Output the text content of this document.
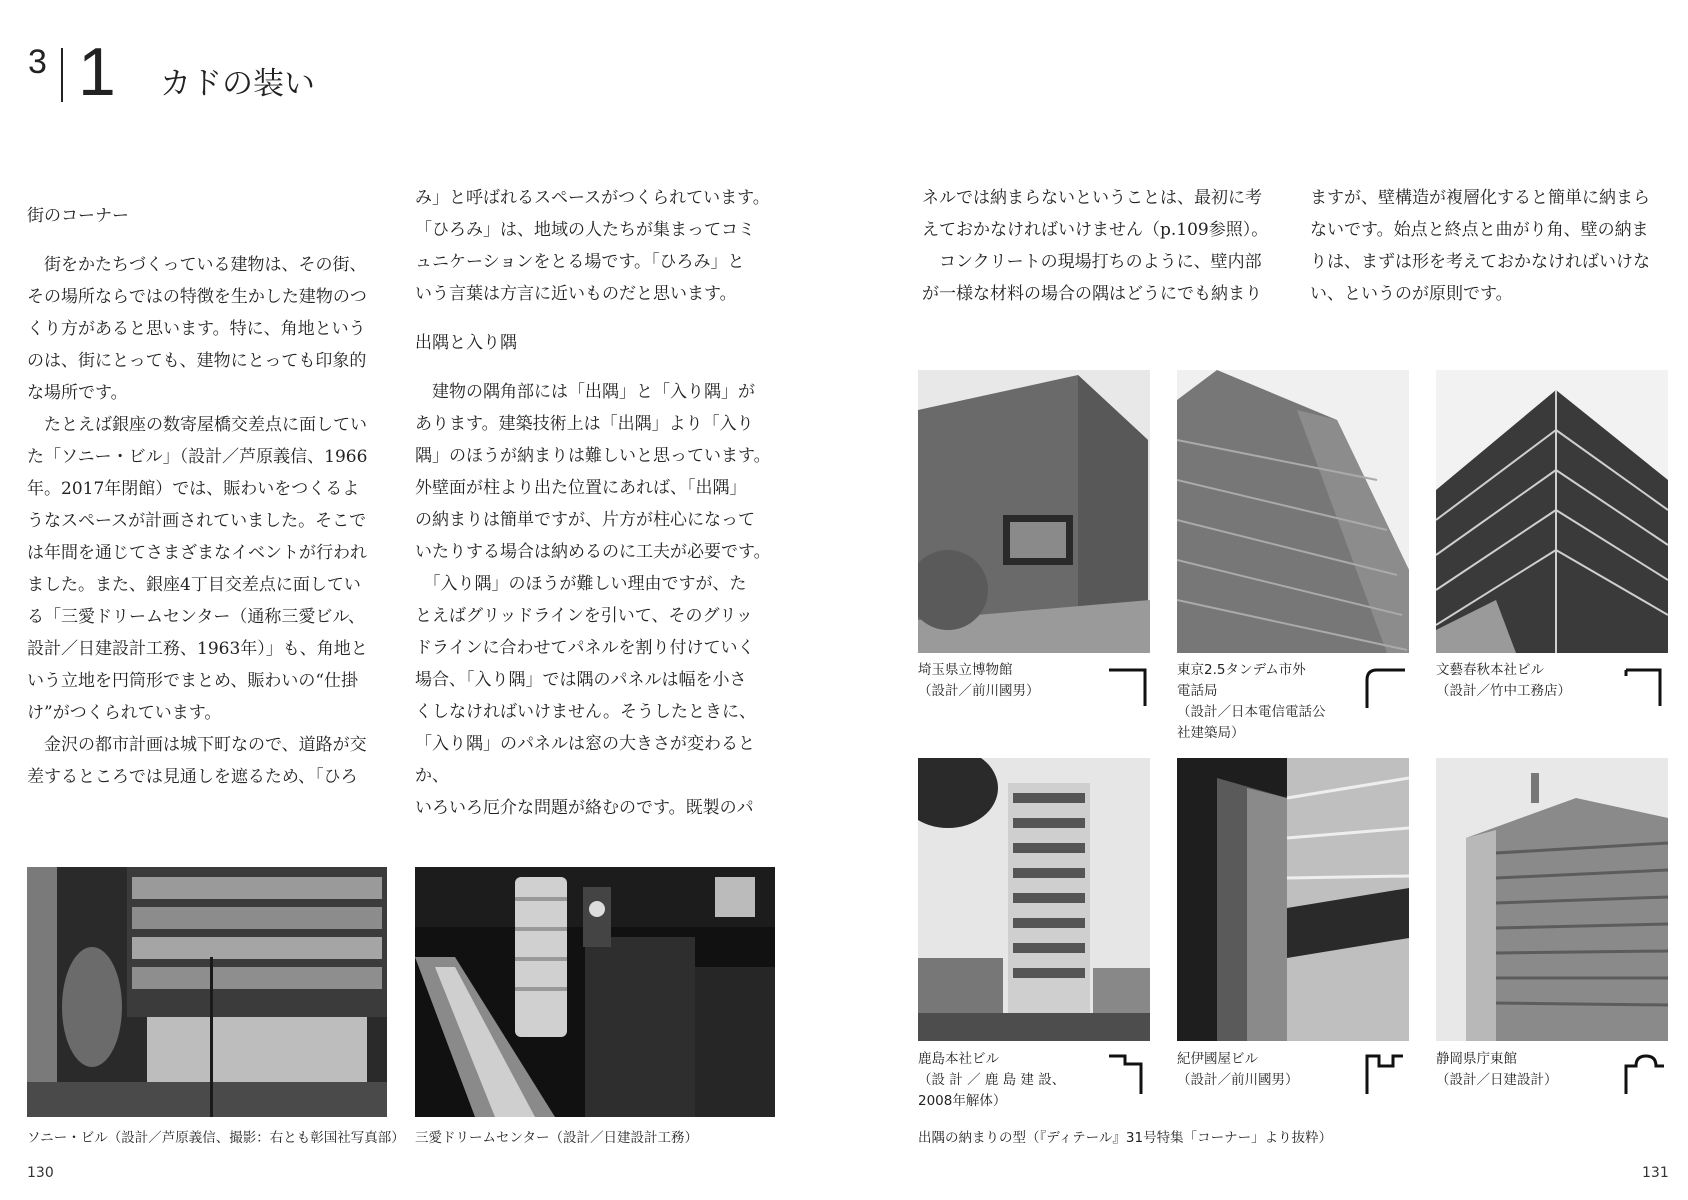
3 1 カドの装い
街のコーナー

　街をかたちづくっている建物は、その街、
その場所ならではの特徴を生かした建物のつ
くり方があると思います。特に、角地という
のは、街にとっても、建物にとっても印象的
な場所です。

　たとえば銀座の数寄屋橋交差点に面してい
た「ソニー・ビル」（設計／芦原義信、1966
年。2017年閉館）では、賑わいをつくるよ
うなスペースが計画されていました。そこで
は年間を通じてさまざまなイベントが行われ
ました。また、銀座4丁目交差点に面してい
る「三愛ドリームセンター（通称三愛ビル、
設計／日建設計工務、1963年）」も、角地と
いう立地を円筒形でまとめ、賑わいの“仕掛
け”がつくられています。

　金沢の都市計画は城下町なので、道路が交
差するところでは見通しを遮るため、「ひろ

み」と呼ばれるスペースがつくられています。
「ひろみ」は、地域の人たちが集まってコミ
ュニケーションをとる場です。「ひろみ」と
いう言葉は方言に近いものだと思います。

出隅と入り隅

　建物の隅角部には「出隅」と「入り隅」が
あります。建築技術上は「出隅」より「入り
隅」のほうが納まりは難しいと思っています。
外壁面が柱より出た位置にあれば、「出隅」
の納まりは簡単ですが、片方が柱心になって
いたりする場合は納めるのに工夫が必要です。

　「入り隅」のほうが難しい理由ですが、た
とえばグリッドラインを引いて、そのグリッ
ドラインに合わせてパネルを割り付けていく
場合、「入り隅」では隅のパネルは幅を小さ
くしなければいけません。そうしたときに、
「入り隅」のパネルは窓の大きさが変わるとか、
いろいろ厄介な問題が絡むのです。既製のパ

ネルでは納まらないということは、最初に考
えておかなければいけません（p.109参照）。

　コンクリートの現場打ちのように、壁内部
が一様な材料の場合の隅はどうにでも納まり

ますが、壁構造が複層化すると簡単に納まら
ないです。始点と終点と曲がり角、壁の納ま
りは、まずは形を考えておかなければいけな
い、というのが原則です。

ソニー・ビル（設計／芦原義信、撮影：右とも彰国社写真部） 三愛ドリームセンター（設計／日建設計工務）
埼玉県立博物館
（設計／前川國男）
東京2.5タンデム市外
電話局
（設計／日本電信電話公
社建築局）
文藝春秋本社ビル
（設計／竹中工務店）
鹿島本社ビル
（設 計 ／ 鹿 島 建 設、
2008年解体）
紀伊國屋ビル
（設計／前川國男）
静岡県庁東館
（設計／日建設計）
出隅の納まりの型（『ディテール』31号特集「コーナー」より抜粋）
130	131
